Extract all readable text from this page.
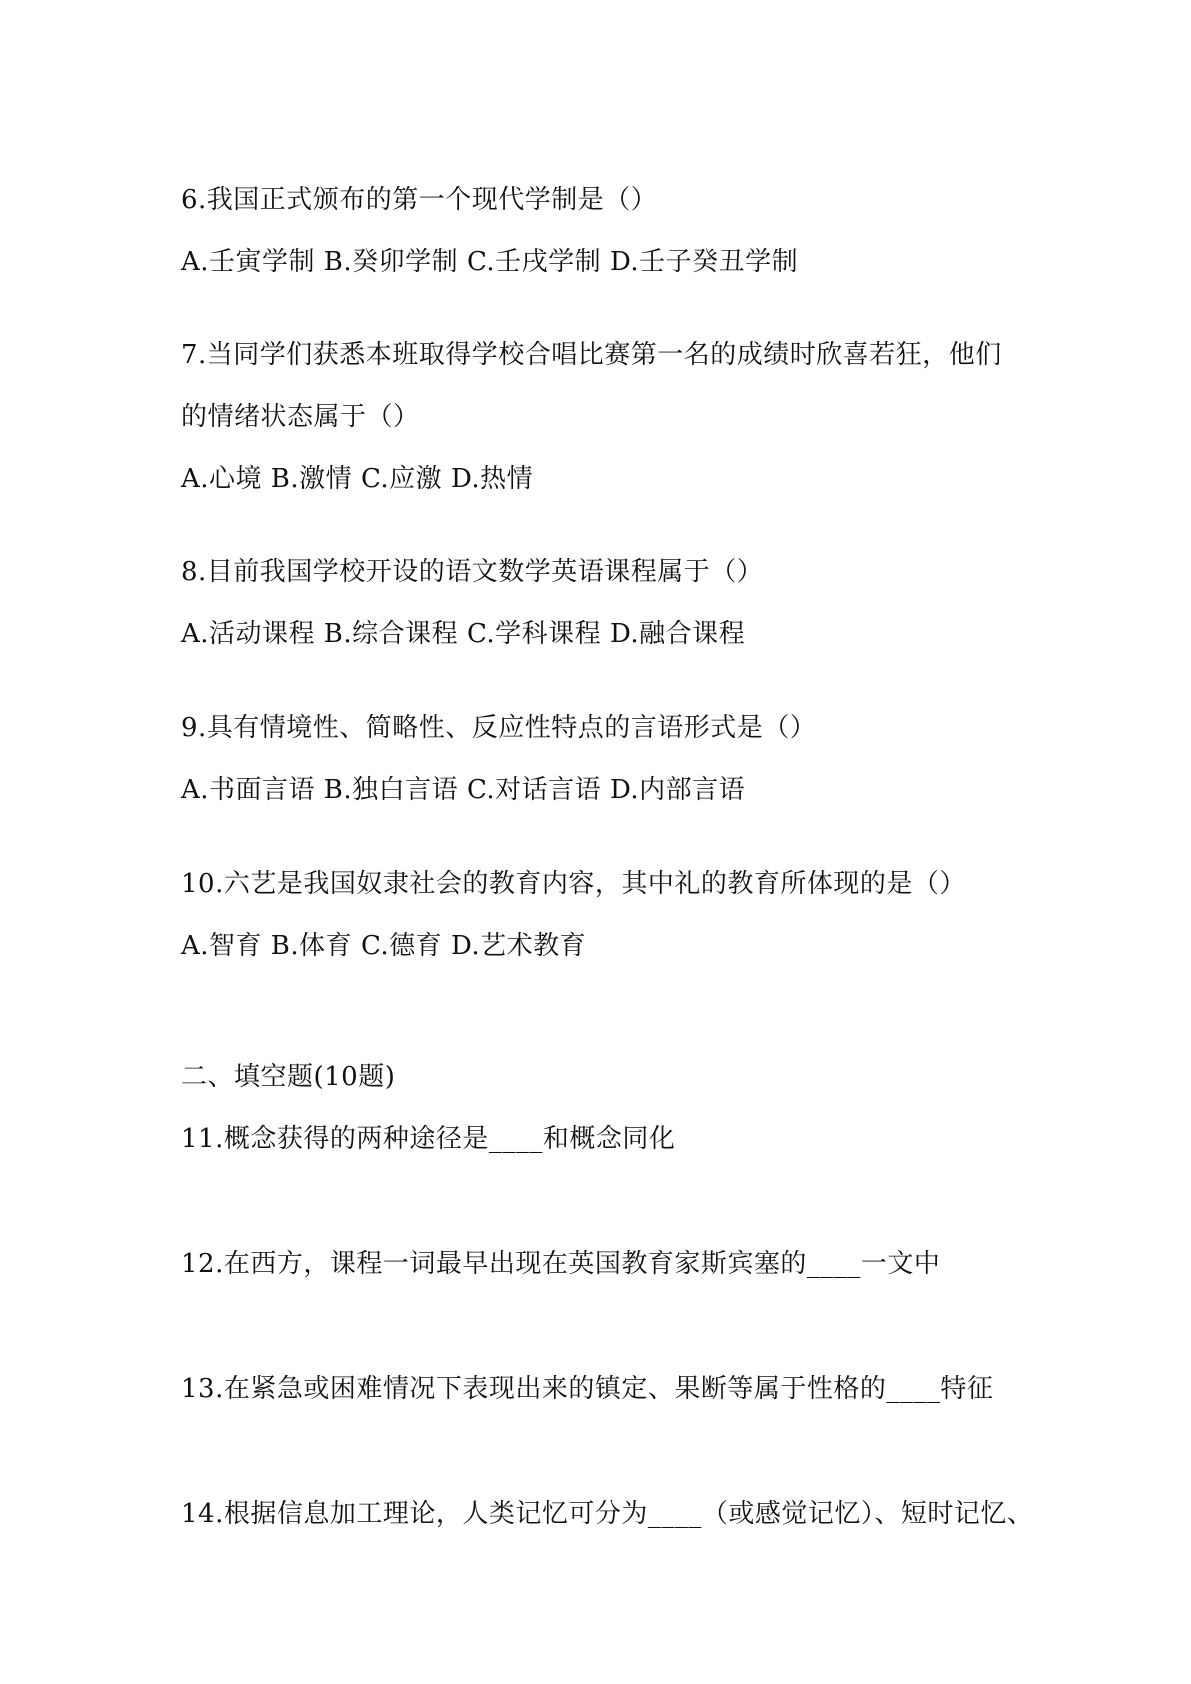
6.我国正式颁布的第一个现代学制是（）
A.壬寅学制 B.癸卯学制 C.壬戌学制 D.壬子癸丑学制
7.当同学们获悉本班取得学校合唱比赛第一名的成绩时欣喜若狂，他们
的情绪状态属于（）
A.心境 B.激情 C.应激 D.热情
8.目前我国学校开设的语文数学英语课程属于（）
A.活动课程 B.综合课程 C.学科课程 D.融合课程
9.具有情境性、简略性、反应性特点的言语形式是（）
A.书面言语 B.独白言语 C.对话言语 D.内部言语
10.六艺是我国奴隶社会的教育内容，其中礼的教育所体现的是（）
A.智育 B.体育 C.德育 D.艺术教育
二、填空题(10题)
11.概念获得的两种途径是____和概念同化
12.在西方，课程一词最早出现在英国教育家斯宾塞的____一文中
13.在紧急或困难情况下表现出来的镇定、果断等属于性格的____特征
14.根据信息加工理论，人类记忆可分为____（或感觉记忆）、短时记忆、
